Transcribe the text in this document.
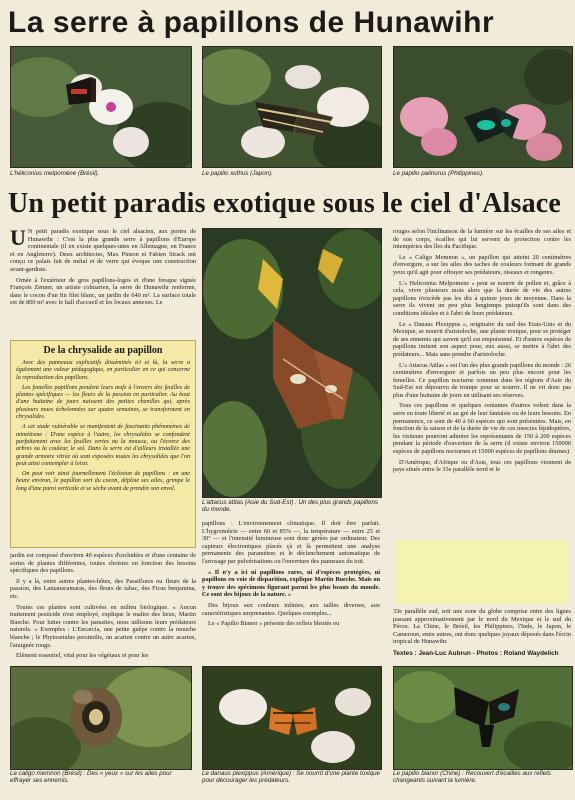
La serre à papillons de Hunawihr
L'héliconius melpomène (Brésil).	Le papilio xuthus (Japon).	Le papilio palinurus (Philippines).
Un petit paradis exotique sous le ciel d'Alsace

U N petit paradis exotique sous le ciel alsacien, aux portes de Hunawihr : C'est la plus grande serre à papillons d'Europe continentale (il en existe quelques-unes en Allemagne, en France et en Angleterre). Deux architectes, Max Pinson et Fabien Strack ont conçu ce palais fait de métal et de verre qui évoque une construction avant-gardiste.

Ornée à l'extérieur de gros papillons-logos et d'une fresque signée François Zenner, un artiste colmarien, la serre de Hunawihr renferme, dans le cocon d'un fin filet blanc, un jardin de 640 m². La surface totale est de 800 m² avec le hall d'accueil et les locaux annexes. Le

De la chrysalide au papillon

Avec des panneaux explicatifs disséminés ici et là, la serre a également une valeur pédagogique, en particulier en ce qui concerne la reproduction des papillons.

Les femelles papillons pondent leurs œufs à l'envers des feuilles de plantes spécifiques — les fleurs de la passion en particulier. Au bout d'une huitaine de jours naissent des petites chenilles qui, après plusieurs mues échelonnées sur quatre semaines, se transforment en chrysalides.

A cet stade vulnérable se manifestent de fascinants phénomènes de mimétisme : D'une espèce à l'autre, les chrysalides se confondent parfaitement avec les feuilles vertes ou la mousse, ou l'écorce des arbres ou la couleur, le sol. Dans la serre est d'ailleurs installée une grande armoire vitrée où sont exposées toutes les chrysalides que l'on peut ainsi contempler à loisir.

On peut voir ainsi journellement l'éclosion de papillons : en une heure environ, le papillon sort du cocon, déploie ses ailes, grimpe le long d'une paroi verticale et se sèche avant de prendre son envol.

L'attacus attlas (Asie du Sud-Est) : Un des plus grands papillons du monde.

rouges selon l'inclinaison de la lumière sur les écailles de ses ailes et de son corps, écailles qui lui servent de protection contre les intempéries des îles du Pacifique.

Le « Caligo Memnon », un papillon qui atteint 20 centimètres d'envergure, a sur les ailes des taches de couleurs formant de grands yeux qu'il agit pour effrayer ses prédateurs, oiseaux et rongeurs.

L'« Heliconius Melpomene » peut se nourrir de pollen et, grâce à cela, vivre plusieurs mois alors que la durée de vie des autres papillons n'excède pas les dix à quinze jours de moyenne. Dans la serre ils vivent un peu plus longtemps puisqu'ils sont dans des conditions idéales et à l'abri de leurs prédateurs.

Le « Danaus Plexippus », originaire du sud des Etats-Unis et du Mexique, se nourrit d'aristoloche, une plante toxique, pour se protéger de ses ennemis qui savent qu'il est empoisonné. Et d'autres espèces de papillons imitent son aspect pour, eux aussi, se mettre à l'abri des prédateurs... Mais sans prendre d'aristoloche.

L'« Attacus Attlas » est l'un des plus grands papillons du monde : 26 centimètres d'envergure et parfois un peu plus encore pour les femelles. Ce papillon nocturne commun dans les régions d'Asie du Sud-Est est dépourvu de trompe pour se nourrir. Il ne vit donc pas plus d'une huitaine de jours en utilisant ses réserves.

Tous ces papillons et quelques centaines d'autres volent dans la serre en toute liberté et au gré de leur fantaisie ou de leurs besoins. En permanence, ce sont de 40 à 60 espèces qui sont présentées. Mais, en fonction de la saison et de la durée de vie de ces insectes lépidoptères, les visiteurs pourront admirer les représentants de 150 à 200 espèces pendant la période d'ouverture de la serre (il existe environ 150000 espèces de papillons nocturnes et 15000 espèces de papillons diurnes).

D'Amérique, d'Afrique ou d'Asie, tous ces papillons viennent de pays situés entre le 33e parallèle nord et le

jardin est composé d'environ 40 espèces d'orchidées et d'une centaine de sortes de plantes différentes, toutes choisies en fonction des besoins spécifiques des papillons.

Il y a là, entre autres plantes-hôtes, des Passiflores ou fleurs de la passion, des Lantanacamaras, des fleurs de tabac, des Ficus benjamina, etc.

Toutes ces plantes sont cultivées en milieu biologique. « Aucun traitement pesticide n'est employé, explique le maître des lieux, Martin Bueche. Pour lutter contre les parasites, nous utilisons leurs prédateurs naturels. » Exemples : L'Encarcia, une petite guêpe contre la mouche blanche ; le Phytoseiulus persimilis, un acarien contre un autre acarien, l'araignée rouge.

Elément essentiel, vital pour les végétaux et pour les

papillons : L'environnement climatique. Il doit être parfait. L'hygrométrie — entre 60 et 85% —, la température — entre 25 et 30° — et l'intensité lumineuse sont donc gérées par ordinateur. Des capteurs électroniques placés çà et là permettent une analyse permanente des paramètres et le déclenchement automatique de l'arrosage par pulvérisations ou l'ouverture des panneaux du toit.

« Il n'y a ici ni papillons rares, ni d'espèces protégées, ni papillons en voie de disparition, explique Martin Bueche. Mais on y trouve des spécimens figurant parmi les plus beaux du monde. Ce sont des bijoux de la nature. »

Des bijoux aux couleurs infinies, aux tailles diverses, aux caractéristiques surprenantes. Quelques exemples...

Le « Papilio Bianor » présente des reflets bleutés ou

33e parallèle sud, soit une zone du globe comprise entre des lignes passant approximativement par le nord du Mexique et le sud du Pérou. La Chine, le Brésil, les Philippines, l'Inde, le Japon, le Cameroun, entre autres, ont donc quelques joyaux déposés dans l'écrin tropical de Hunawihr.

Textes : Jean-Luc Aubrun - Photos : Roland Waydelich
Le caligo memnon (Brésil) : Des « yeux » sur les ailes pour effrayer ses ennemis.
Le danaus plexippus (Amérique) : Se nourrit d'une plante toxique pour décourager les prédateurs.
Le papilio bianor (Chine) : Recouvert d'écailles aux reflets changeants suivant la lumière.
